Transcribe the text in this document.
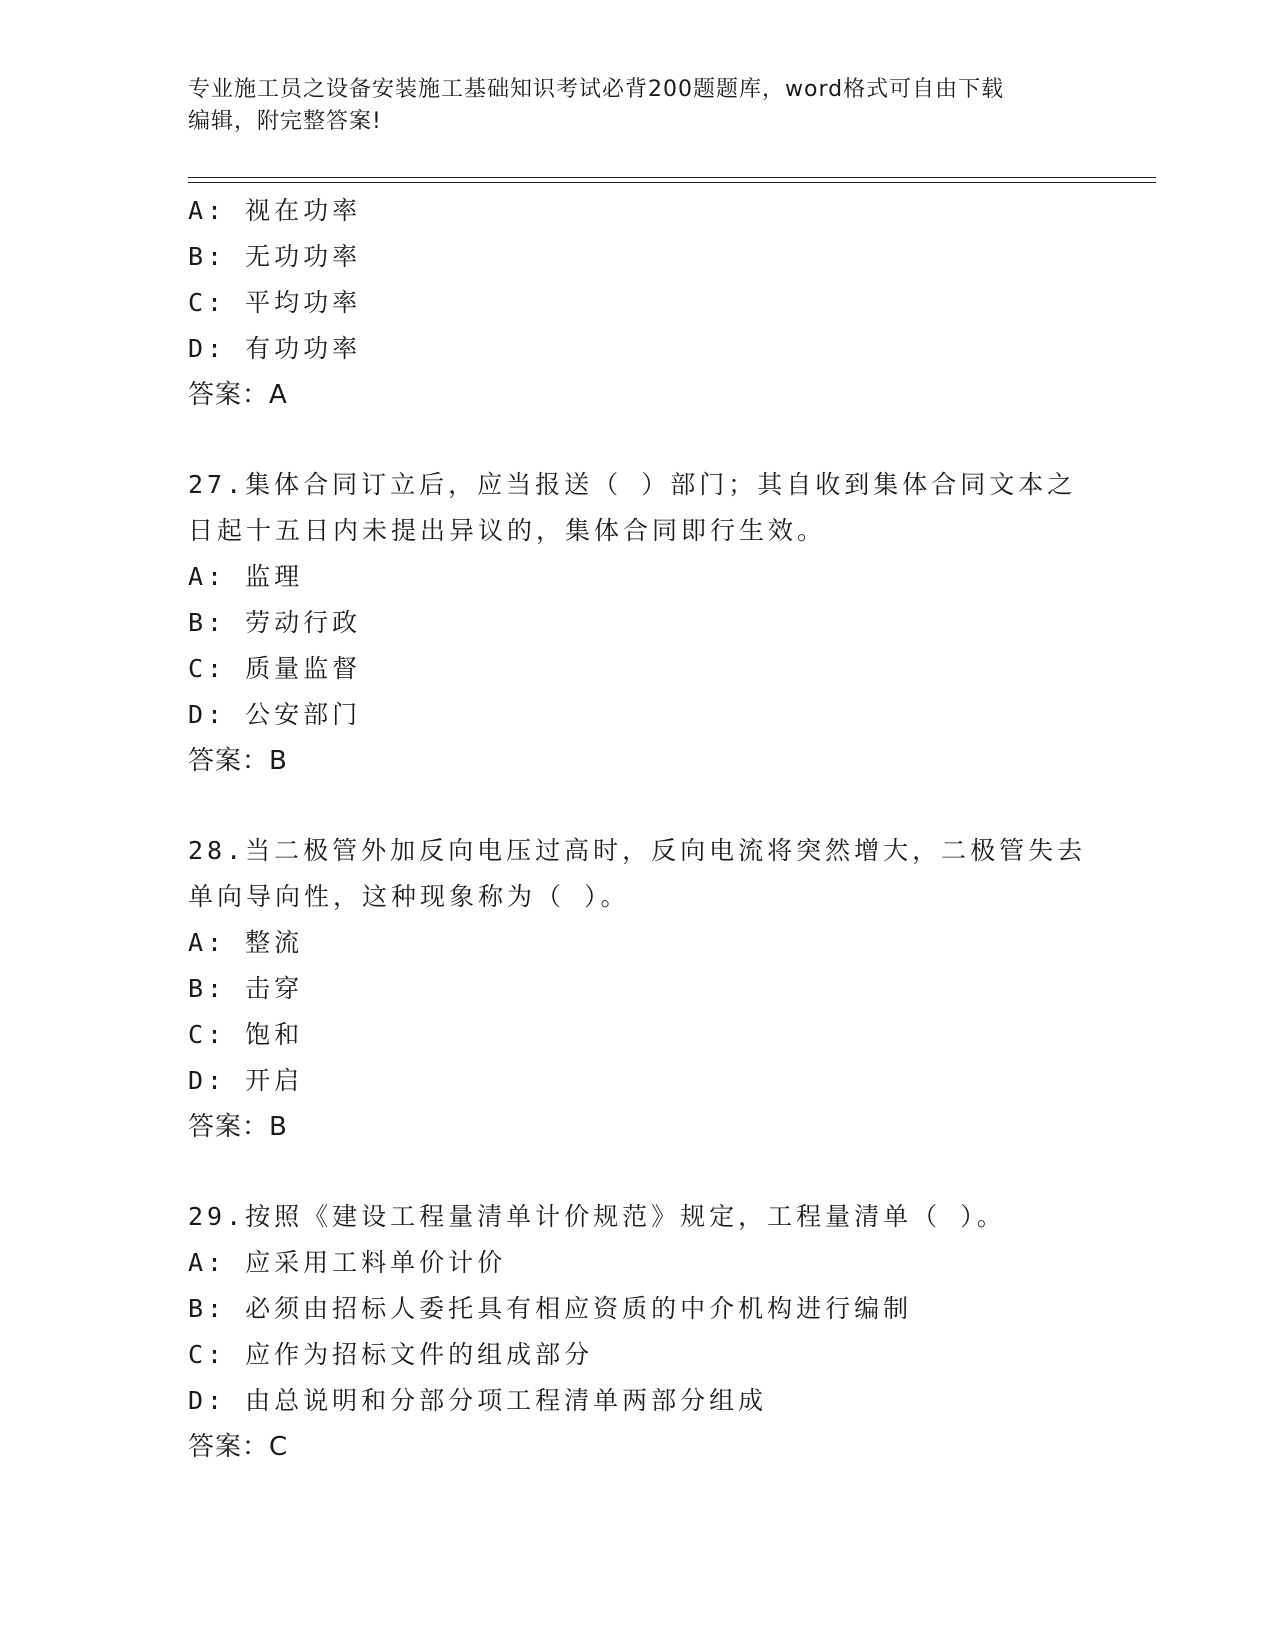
专业施工员之设备安装施工基础知识考试必背200题题库，word格式可自由下载
编辑，附完整答案!
A: 视在功率
B: 无功功率
C: 平均功率
D: 有功功率
答案：A
27.集体合同订立后，应当报送（ ）部门；其自收到集体合同文本之
日起十五日内未提出异议的，集体合同即行生效。
A: 监理
B: 劳动行政
C: 质量监督
D: 公安部门
答案：B
28.当二极管外加反向电压过高时，反向电流将突然增大，二极管失去
单向导向性，这种现象称为（ ）。
A: 整流
B: 击穿
C: 饱和
D: 开启
答案：B
29.按照《建设工程量清单计价规范》规定，工程量清单（ ）。
A: 应采用工料单价计价
B: 必须由招标人委托具有相应资质的中介机构进行编制
C: 应作为招标文件的组成部分
D: 由总说明和分部分项工程清单两部分组成
答案：C
